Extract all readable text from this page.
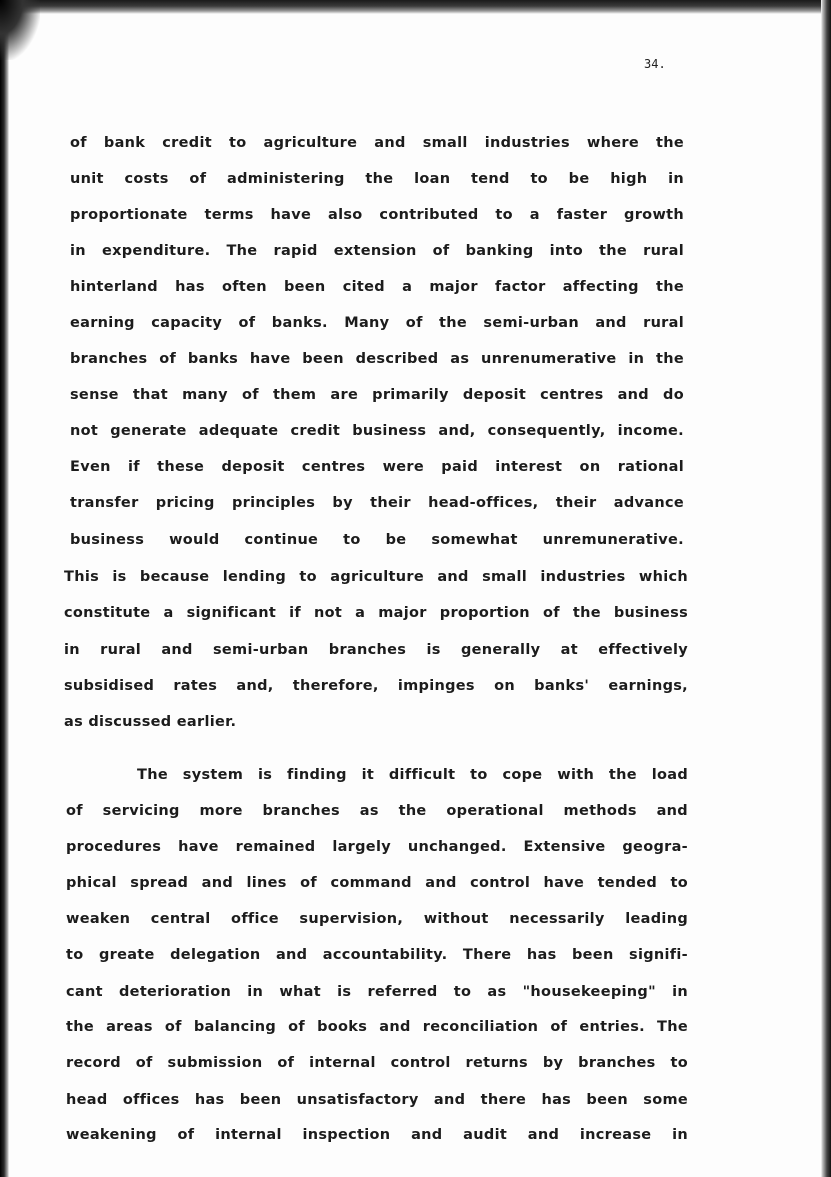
34.

of bank credit to agriculture and small industries where the

unit costs of administering the loan tend to be high in

proportionate terms have also contributed to a faster growth

in expenditure. The rapid extension of banking into the rural

hinterland has often been cited a major factor affecting the

earning capacity of banks. Many of the semi-urban and rural

branches of banks have been described as unrenumerative in the

sense that many of them are primarily deposit centres and do

not generate adequate credit business and, consequently, income.

Even if these deposit centres were paid interest on rational

transfer pricing principles by their head-offices, their advance

business would continue to be somewhat unremunerative.

This is because lending to agriculture and small industries which

constitute a significant if not a major proportion of the business

in rural and semi-urban branches is generally at effectively

subsidised rates and, therefore, impinges on banks' earnings,

as discussed earlier.

The system is finding it difficult to cope with the load

of servicing more branches as the operational methods and

procedures have remained largely unchanged. Extensive geogra-

phical spread and lines of command and control have tended to

weaken central office supervision, without necessarily leading

to greate delegation and accountability. There has been signifi-

cant deterioration in what is referred to as "housekeeping" in

the areas of balancing of books and reconciliation of entries. The

record of submission of internal control returns by branches to

head offices has been unsatisfactory and there has been some

weakening of internal inspection and audit and increase in
